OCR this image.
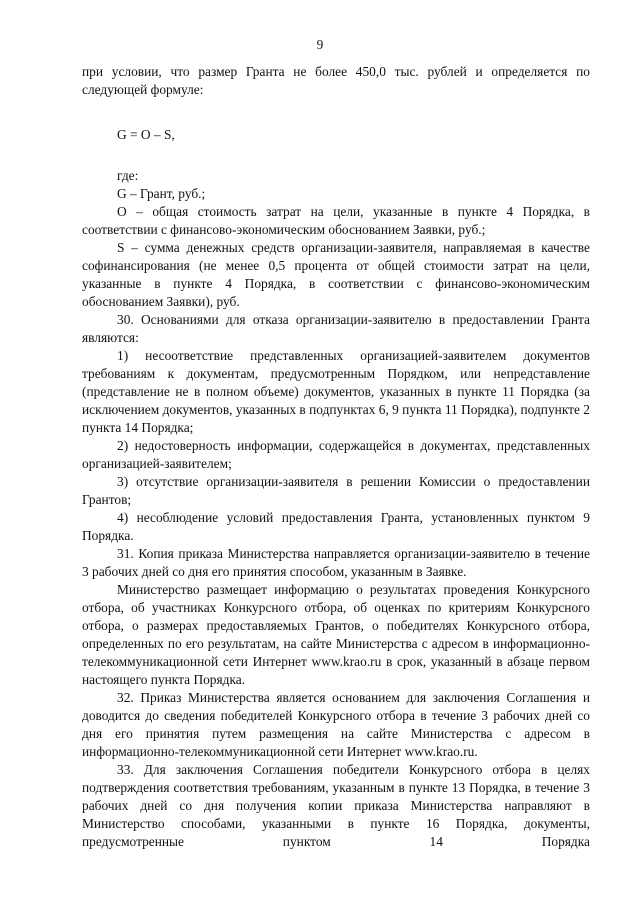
9

при условии, что размер Гранта не более 450,0 тыс. рублей и определяется по следующей формуле:

G = O – S,

где:

G – Грант, руб.;

O – общая стоимость затрат на цели, указанные в пункте 4 Порядка, в соответствии с финансово-экономическим обоснованием Заявки, руб.;

S – сумма денежных средств организации-заявителя, направляемая в качестве софинансирования (не менее 0,5 процента от общей стоимости затрат на цели, указанные в пункте 4 Порядка, в соответствии с финансово-экономическим обоснованием Заявки), руб.

30. Основаниями для отказа организации-заявителю в предоставлении Гранта являются:

1) несоответствие представленных организацией-заявителем документов требованиям к документам, предусмотренным Порядком, или непредставление (представление не в полном объеме) документов, указанных в пункте 11 Порядка (за исключением документов, указанных в подпунктах 6, 9 пункта 11 Порядка), подпункте 2 пункта 14 Порядка;

2) недостоверность информации, содержащейся в документах, представленных организацией-заявителем;

3) отсутствие организации-заявителя в решении Комиссии о предоставлении Грантов;

4) несоблюдение условий предоставления Гранта, установленных пунктом 9 Порядка.

31. Копия приказа Министерства направляется организации-заявителю в течение 3 рабочих дней со дня его принятия способом, указанным в Заявке.

Министерство размещает информацию о результатах проведения Конкурсного отбора, об участниках Конкурсного отбора, об оценках по критериям Конкурсного отбора, о размерах предоставляемых Грантов, о победителях Конкурсного отбора, определенных по его результатам, на сайте Министерства с адресом в информационно-телекоммуникационной сети Интернет www.krao.ru в срок, указанный в абзаце первом настоящего пункта Порядка.

32. Приказ Министерства является основанием для заключения Соглашения и доводится до сведения победителей Конкурсного отбора в течение 3 рабочих дней со дня его принятия путем размещения на сайте Министерства с адресом в информационно-телекоммуникационной сети Интернет www.krao.ru.

33. Для заключения Соглашения победители Конкурсного отбора в целях подтверждения соответствия требованиям, указанным в пункте 13 Порядка, в течение 3 рабочих дней со дня получения копии приказа Министерства направляют в Министерство способами, указанными в пункте 16 Порядка, документы, предусмотренные пунктом 14 Порядка
